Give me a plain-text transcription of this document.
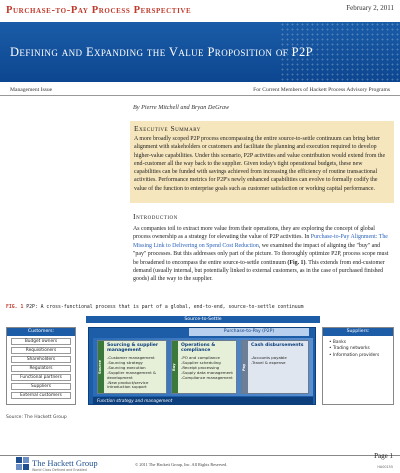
Purchase-to-Pay Process Perspective	February 2, 2011
Defining and Expanding the Value Proposition of P2P
Management Issue	For Current Members of Hackett Process Advisory Programs
By Pierre Mitchell and Bryan DeGraw
Executive Summary
A more broadly scoped P2P process encompassing the entire source-to-settle continuum can bring better alignment with stakeholders or customers and facilitate the planning and execution required to develop higher-value capabilities. Under this scenario, P2P activities and value contribution would extend from the end-customer all the way back to the supplier. Given today's tight operational budgets, these new capabilities can be funded with savings achieved from increasing the efficiency of routine transactional activities. Performance metrics for P2P's newly enhanced capabilities can evolve to formally codify the value of the function to enterprise goals such as customer satisfaction or working capital performance.
Introduction
As companies toil to extract more value from their operations, they are exploring the concept of global process ownership as a strategy for elevating the value of P2P activities. In Purchase-to-Pay Alignment: The Missing Link to Delivering on Spend Cost Reduction, we examined the impact of aligning the "buy" and "pay" processes. But this addresses only part of the picture. To thoroughly optimize P2P, process scope must be broadened to encompass the entire source-to-settle continuum (Fig. 1). This extends from end-customer demand (usually internal, but potentially linked to external customers, as in the case of purchased finished goods) all the way to the supplier.
FIG. 1 P2P: A cross-functional process that is part of a global, end-to-end, source-to-settle continuum
Source-to-Settle
Customers:
Budget owners
Requisitioners
Shareholders
Regulators
Functional partners
Suppliers
External customers
Purchase-to-Pay (P2P)
Source
Sourcing & supplier management
-Customer management
-Sourcing strategy
-Sourcing execution
-Supplier management & development
-New product/service introduction support
Buy
Operations & compliance
-PO and compliance
-Supplier scheduling
-Receipt processing
-Supply data management
-Compliance management
Pay
Cash disbursements
-Accounts payable
-Travel & expense
Function strategy and management
Suppliers:
• Banks
• Trading networks
• Information providers
Source: The Hackett Group
The Hackett Group
World Class Defined and Enabled
© 2011 The Hackett Group, Inc. All Rights Reserved.
Page 1
HA00155
